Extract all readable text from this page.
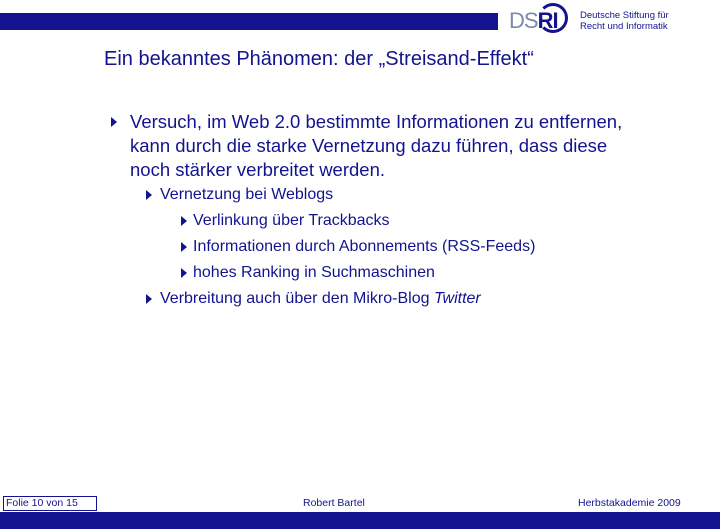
DSRI Deutsche Stiftung für
Recht und Informatik
Ein bekanntes Phänomen: der „Streisand-Effekt“
Versuch, im Web 2.0 bestimmte Informationen zu entfernen,
kann durch die starke Vernetzung dazu führen, dass diese
noch stärker verbreitet werden.
Vernetzung bei Weblogs
Verlinkung über Trackbacks
Informationen durch Abonnements (RSS-Feeds)
hohes Ranking in Suchmaschinen
Verbreitung auch über den Mikro-Blog Twitter
Folie 10 von 15	Robert Bartel	Herbstakademie 2009
